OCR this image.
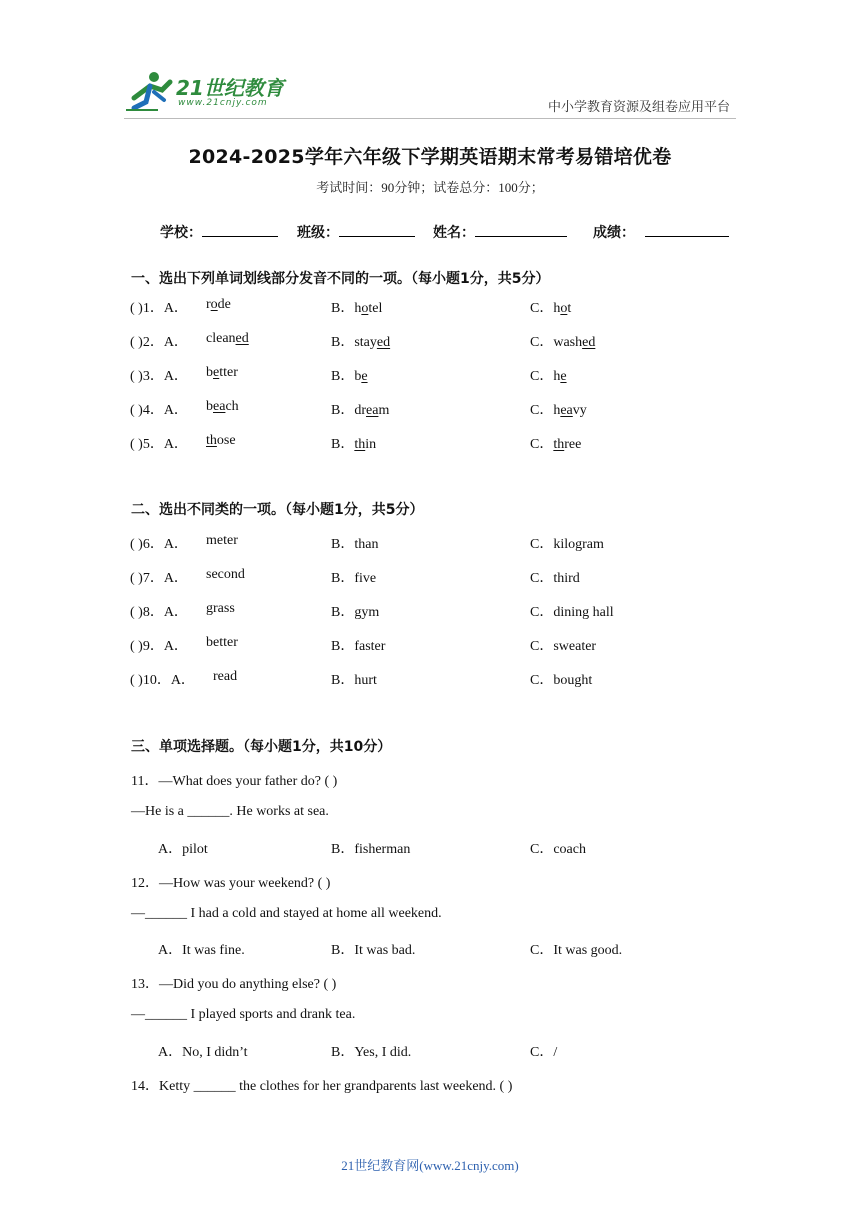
21世纪教育
www.21cnjy.com	中小学教育资源及组卷应用平台
2024-2025学年六年级下学期英语期末常考易错培优卷
考试时间：90分钟；试卷总分：100分；
学校：	班级：	姓名：	成绩：
一、选出下列单词划线部分发音不同的一项。（每小题1分，共5分）
( )1．A． rode	B．hotel	C．hot
( )2．A． cleaned	B．stayed	C．washed
( )3．A． better	B．be	C．he
( )4．A． beach	B．dream	C．heavy
( )5．A． those	B．thin	C．three
二、选出不同类的一项。（每小题1分，共5分）
( )6．A． meter	B．than	C．kilogram
( )7．A． second	B．five	C．third
( )8．A． grass	B．gym	C．dining hall
( )9．A． better	B．faster	C．sweater
( )10．A． read	B．hurt	C．bought
三、单项选择题。（每小题1分，共10分）
11．—What does your father do? ( )
—He is a ______. He works at sea.
A．pilot	B．fisherman	C．coach
12．—How was your weekend? ( )
—______ I had a cold and stayed at home all weekend.
A．It was fine.	B．It was bad.	C．It was good.
13．—Did you do anything else? ( )
—______ I played sports and drank tea.
A．No, I didn’t	B．Yes, I did.	C．/
14．Ketty ______ the clothes for her grandparents last weekend. ( )
21世纪教育网(www.21cnjy.com)
